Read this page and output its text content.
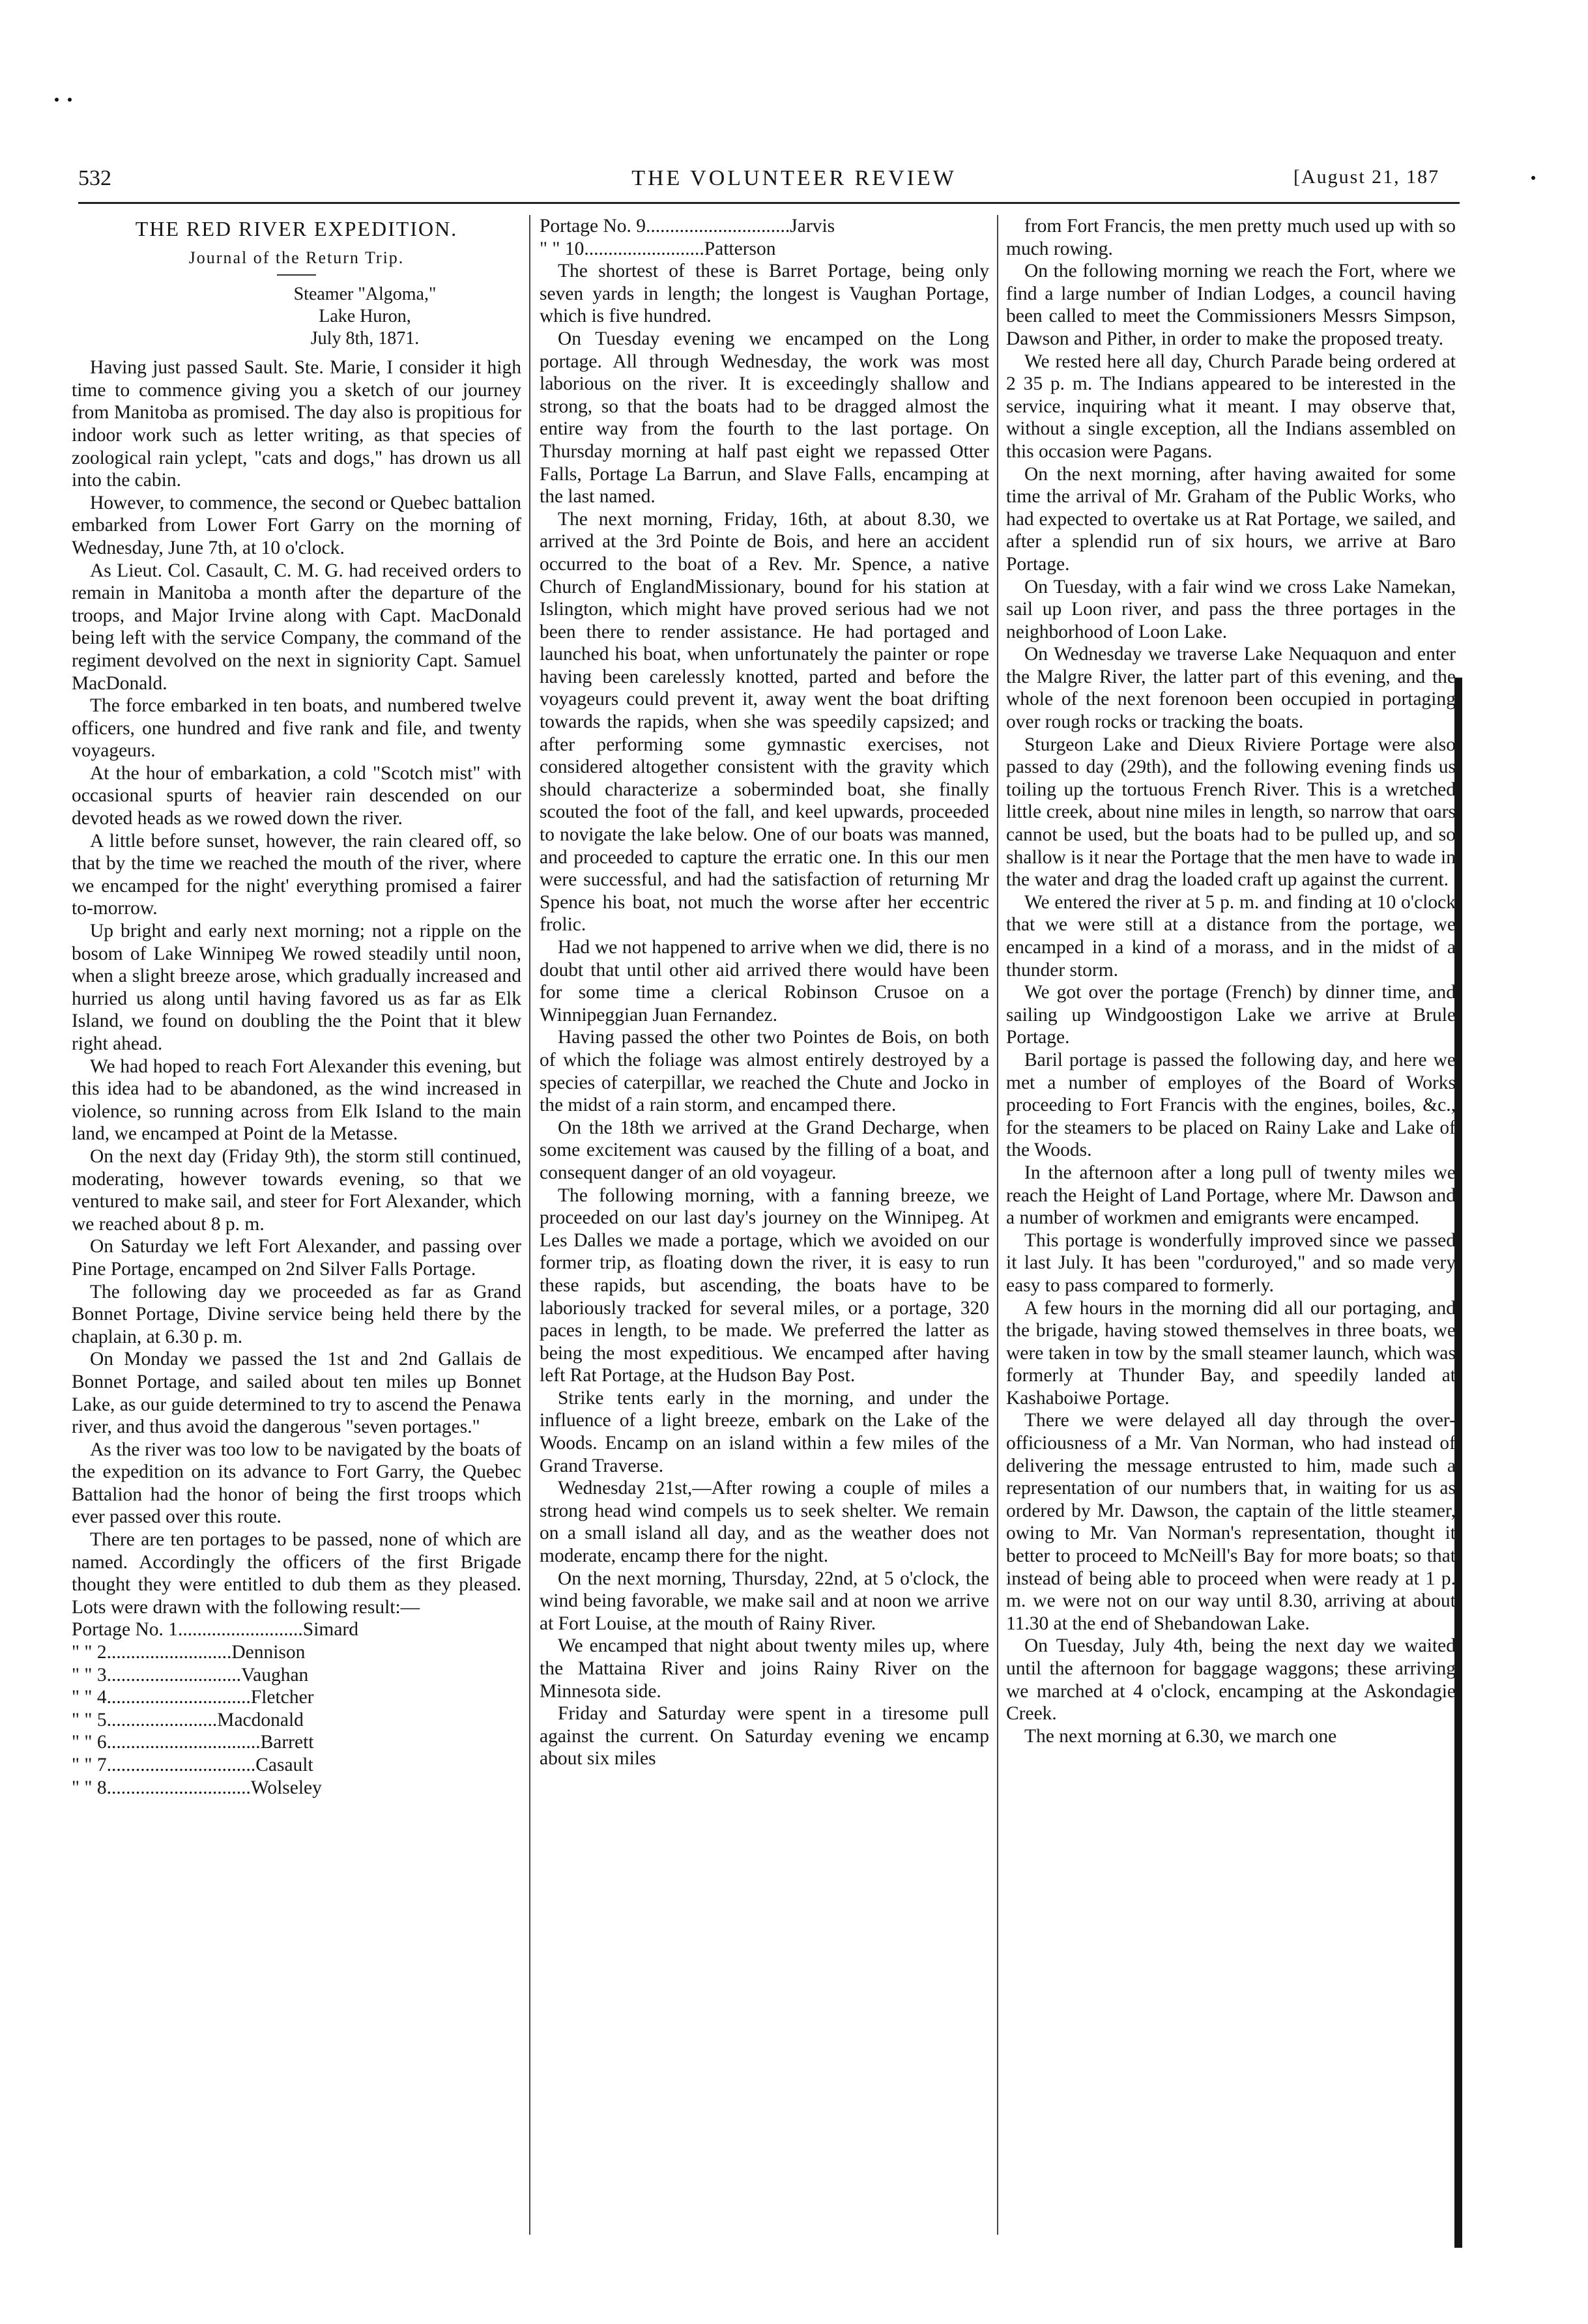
532	THE VOLUNTEER REVIEW	[August 21, 187
THE RED RIVER EXPEDITION.
Journal of the Return Trip.
Steamer "Algoma,"
Lake Huron,
July 8th, 1871.

Having just passed Sault. Ste. Marie, I consider it high time to commence giving you a sketch of our journey from Manitoba as promised. The day also is propitious for indoor work such as letter writing, as that species of zoological rain yclept, "cats and dogs," has drown us all into the cabin.

However, to commence, the second or Quebec battalion embarked from Lower Fort Garry on the morning of Wednesday, June 7th, at 10 o'clock.

As Lieut. Col. Casault, C. M. G. had received orders to remain in Manitoba a month after the departure of the troops, and Major Irvine along with Capt. MacDonald being left with the service Company, the command of the regiment devolved on the next in signiority Capt. Samuel MacDonald.

The force embarked in ten boats, and numbered twelve officers, one hundred and five rank and file, and twenty voyageurs.

At the hour of embarkation, a cold "Scotch mist" with occasional spurts of heavier rain descended on our devoted heads as we rowed down the river.

A little before sunset, however, the rain cleared off, so that by the time we reached the mouth of the river, where we encamped for the night' everything promised a fairer to-morrow.

Up bright and early next morning; not a ripple on the bosom of Lake Winnipeg We rowed steadily until noon, when a slight breeze arose, which gradually increased and hurried us along until having favored us as far as Elk Island, we found on doubling the the Point that it blew right ahead.

We had hoped to reach Fort Alexander this evening, but this idea had to be abandoned, as the wind increased in violence, so running across from Elk Island to the main land, we encamped at Point de la Metasse.

On the next day (Friday 9th), the storm still continued, moderating, however towards evening, so that we ventured to make sail, and steer for Fort Alexander, which we reached about 8 p. m.

On Saturday we left Fort Alexander, and passing over Pine Portage, encamped on 2nd Silver Falls Portage.

The following day we proceeded as far as Grand Bonnet Portage, Divine service being held there by the chaplain, at 6.30 p. m.

On Monday we passed the 1st and 2nd Gallais de Bonnet Portage, and sailed about ten miles up Bonnet Lake, as our guide determined to try to ascend the Penawa river, and thus avoid the dangerous "seven portages."

As the river was too low to be navigated by the boats of the expedition on its advance to Fort Garry, the Quebec Battalion had the honor of being the first troops which ever passed over this route.

There are ten portages to be passed, none of which are named. Accordingly the officers of the first Brigade thought they were entitled to dub them as they pleased. Lots were drawn with the following result:—

Portage No. 1..........................Simard

" " 2..........................Dennison

" " 3............................Vaughan

" " 4..............................Fletcher

" " 5.......................Macdonald

" " 6................................Barrett

" " 7...............................Casault

" " 8..............................Wolseley

Portage No. 9..............................Jarvis

" " 10.........................Patterson

The shortest of these is Barret Portage, being only seven yards in length; the longest is Vaughan Portage, which is five hundred.

On Tuesday evening we encamped on the Long portage. All through Wednesday, the work was most laborious on the river. It is exceedingly shallow and strong, so that the boats had to be dragged almost the entire way from the fourth to the last portage. On Thursday morning at half past eight we repassed Otter Falls, Portage La Barrun, and Slave Falls, encamping at the last named.

The next morning, Friday, 16th, at about 8.30, we arrived at the 3rd Pointe de Bois, and here an accident occurred to the boat of a Rev. Mr. Spence, a native Church of EnglandMissionary, bound for his station at Islington, which might have proved serious had we not been there to render assistance. He had portaged and launched his boat, when unfortunately the painter or rope having been carelessly knotted, parted and before the voyageurs could prevent it, away went the boat drifting towards the rapids, when she was speedily capsized; and after performing some gymnastic exercises, not considered altogether consistent with the gravity which should characterize a soberminded boat, she finally scouted the foot of the fall, and keel upwards, proceeded to novigate the lake below. One of our boats was manned, and proceeded to capture the erratic one. In this our men were successful, and had the satisfaction of returning Mr Spence his boat, not much the worse after her eccentric frolic.

Had we not happened to arrive when we did, there is no doubt that until other aid arrived there would have been for some time a clerical Robinson Crusoe on a Winnipeggian Juan Fernandez.

Having passed the other two Pointes de Bois, on both of which the foliage was almost entirely destroyed by a species of caterpillar, we reached the Chute and Jocko in the midst of a rain storm, and encamped there.

On the 18th we arrived at the Grand Decharge, when some excitement was caused by the filling of a boat, and consequent danger of an old voyageur.

The following morning, with a fanning breeze, we proceeded on our last day's journey on the Winnipeg. At Les Dalles we made a portage, which we avoided on our former trip, as floating down the river, it is easy to run these rapids, but ascending, the boats have to be laboriously tracked for several miles, or a portage, 320 paces in length, to be made. We preferred the latter as being the most expeditious. We encamped after having left Rat Portage, at the Hudson Bay Post.

Strike tents early in the morning, and under the influence of a light breeze, embark on the Lake of the Woods. Encamp on an island within a few miles of the Grand Traverse.

Wednesday 21st,—After rowing a couple of miles a strong head wind compels us to seek shelter. We remain on a small island all day, and as the weather does not moderate, encamp there for the night.

On the next morning, Thursday, 22nd, at 5 o'clock, the wind being favorable, we make sail and at noon we arrive at Fort Louise, at the mouth of Rainy River.

We encamped that night about twenty miles up, where the Mattaina River and joins Rainy River on the Minnesota side.

Friday and Saturday were spent in a tiresome pull against the current. On Saturday evening we encamp about six miles

from Fort Francis, the men pretty much used up with so much rowing.

On the following morning we reach the Fort, where we find a large number of Indian Lodges, a council having been called to meet the Commissioners Messrs Simpson, Dawson and Pither, in order to make the proposed treaty.

We rested here all day, Church Parade being ordered at 2 35 p. m. The Indians appeared to be interested in the service, inquiring what it meant. I may observe that, without a single exception, all the Indians assembled on this occasion were Pagans.

On the next morning, after having awaited for some time the arrival of Mr. Graham of the Public Works, who had expected to overtake us at Rat Portage, we sailed, and after a splendid run of six hours, we arrive at Baro Portage.

On Tuesday, with a fair wind we cross Lake Namekan, sail up Loon river, and pass the three portages in the neighborhood of Loon Lake.

On Wednesday we traverse Lake Nequaquon and enter the Malgre River, the latter part of this evening, and the whole of the next forenoon been occupied in portaging over rough rocks or tracking the boats.

Sturgeon Lake and Dieux Riviere Portage were also passed to day (29th), and the following evening finds us toiling up the tortuous French River. This is a wretched little creek, about nine miles in length, so narrow that oars cannot be used, but the boats had to be pulled up, and so shallow is it near the Portage that the men have to wade in the water and drag the loaded craft up against the current.

We entered the river at 5 p. m. and finding at 10 o'clock that we were still at a distance from the portage, we encamped in a kind of a morass, and in the midst of a thunder storm.

We got over the portage (French) by dinner time, and sailing up Windgoostigon Lake we arrive at Brule Portage.

Baril portage is passed the following day, and here we met a number of employes of the Board of Works proceeding to Fort Francis with the engines, boiles, &c., for the steamers to be placed on Rainy Lake and Lake of the Woods.

In the afternoon after a long pull of twenty miles we reach the Height of Land Portage, where Mr. Dawson and a number of workmen and emigrants were encamped.

This portage is wonderfully improved since we passed it last July. It has been "corduroyed," and so made very easy to pass compared to formerly.

A few hours in the morning did all our portaging, and the brigade, having stowed themselves in three boats, we were taken in tow by the small steamer launch, which was formerly at Thunder Bay, and speedily landed at Kashaboiwe Portage.

There we were delayed all day through the over-officiousness of a Mr. Van Norman, who had instead of delivering the message entrusted to him, made such a representation of our numbers that, in waiting for us as ordered by Mr. Dawson, the captain of the little steamer, owing to Mr. Van Norman's representation, thought it better to proceed to McNeill's Bay for more boats; so that instead of being able to proceed when were ready at 1 p. m. we were not on our way until 8.30, arriving at about 11.30 at the end of Shebandowan Lake.

On Tuesday, July 4th, being the next day we waited until the afternoon for baggage waggons; these arriving we marched at 4 o'clock, encamping at the Askondagie Creek.

The next morning at 6.30, we march one
